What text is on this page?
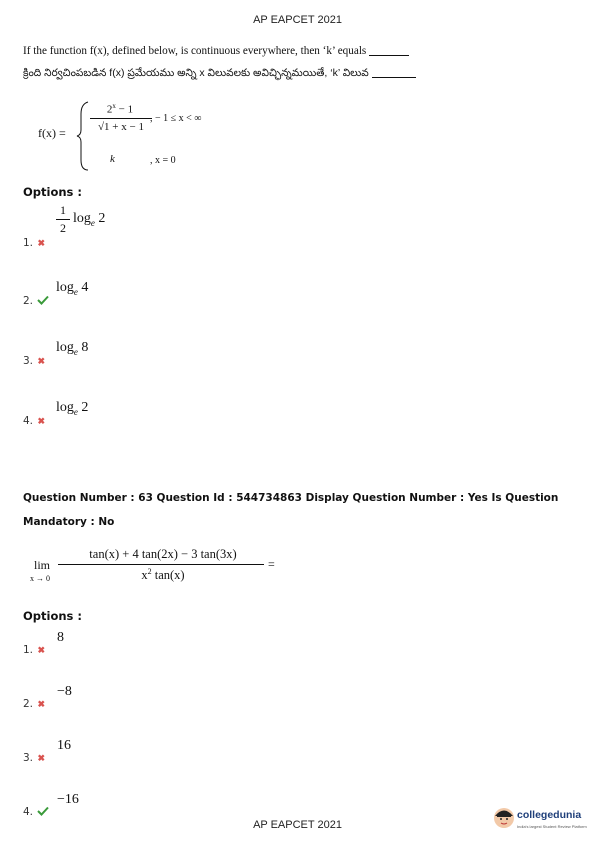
AP EAPCET 2021
If the function f(x), defined below, is continuous everywhere, then ‘k’ equals
క్రింది నిర్వచింపబడిన f(x) ప్రమేయము అన్ని x విలువలకు అవిచ్ఛిన్నమయితే, ‘k’ విలువ
f(x) =
$2^x - 1$
√1 + x − 1
, − 1 ≤ x < ∞
k	, x = 0
Options :
1. ✖
1
2
$\log_e 2$
2.
$\log_e 4$
3. ✖
$\log_e 8$
4. ✖
$\log_e 2$
Question Number : 63 Question Id : 544734863 Display Question Number : Yes Is Question
Mandatory : No
lim
x → 0
tan(x) + 4 tan(2x) − 3 tan(3x)
$x^2$ tan(x)
=
Options :
1. ✖
8
2. ✖
−8
3. ✖
16
4.
−16
AP EAPCET 2021
collegedunia
India's largest Student Review Platform
